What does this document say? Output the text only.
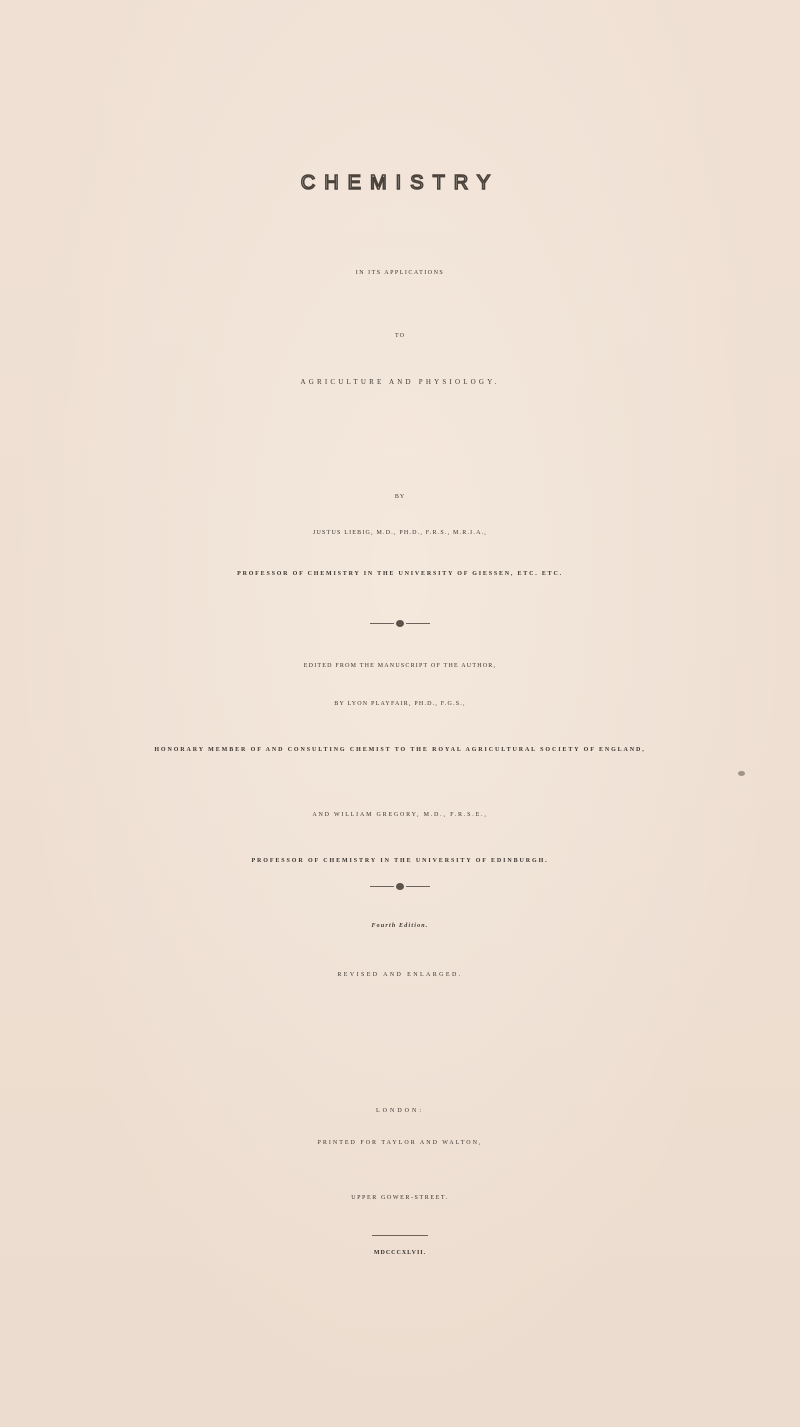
CHEMISTRY
IN ITS APPLICATIONS
TO
AGRICULTURE AND PHYSIOLOGY.
BY
JUSTUS LIEBIG, M.D., PH.D., F.R.S., M.R.I.A.,
PROFESSOR OF CHEMISTRY IN THE UNIVERSITY OF GIESSEN, ETC. ETC.
EDITED FROM THE MANUSCRIPT OF THE AUTHOR,
BY LYON PLAYFAIR, PH.D., F.G.S.,
HONORARY MEMBER OF AND CONSULTING CHEMIST TO THE ROYAL AGRICULTURAL SOCIETY OF ENGLAND,
AND WILLIAM GREGORY, M.D., F.R.S.E.,
PROFESSOR OF CHEMISTRY IN THE UNIVERSITY OF EDINBURGH.
Fourth Edition.
REVISED AND ENLARGED.
LONDON:
PRINTED FOR TAYLOR AND WALTON,
UPPER GOWER-STREET.
MDCCCXLVII.
